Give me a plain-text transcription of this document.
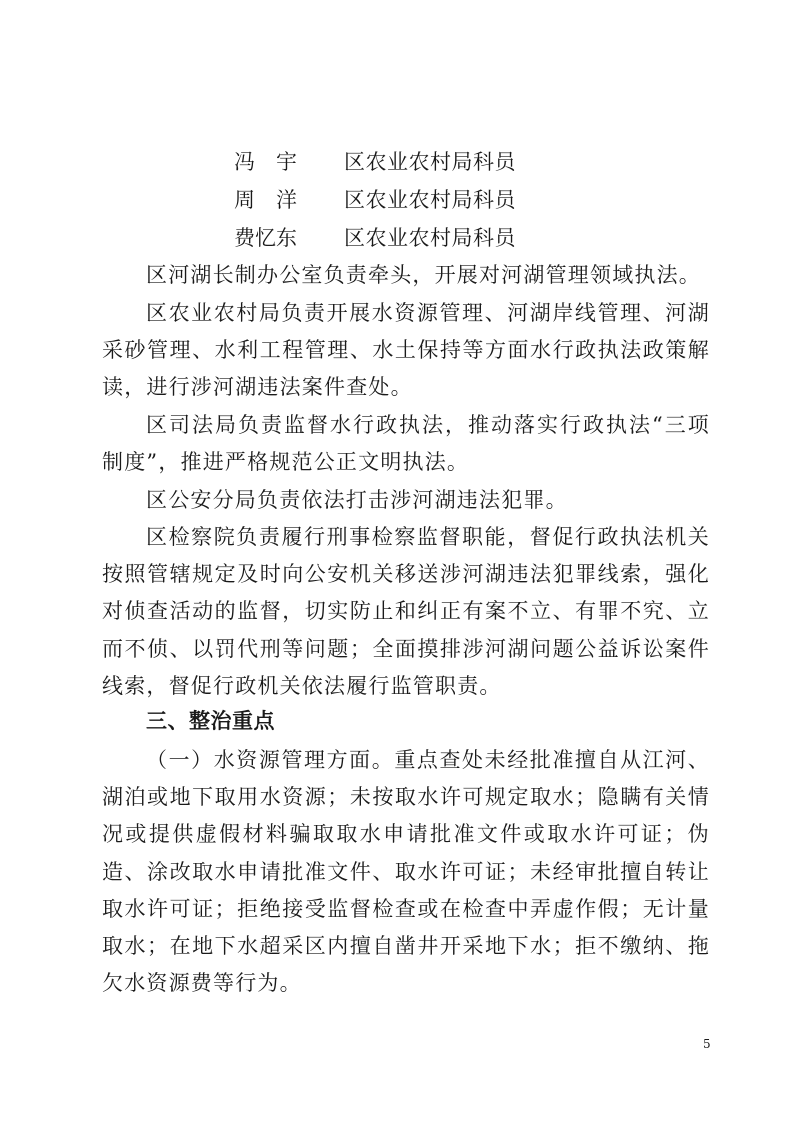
冯　宇 区农业农村局科员
周　洋 区农业农村局科员
费忆东 区农业农村局科员

区河湖长制办公室负责牵头，开展对河湖管理领域执法。

区农业农村局负责开展水资源管理、河湖岸线管理、河湖采砂管理、水利工程管理、水土保持等方面水行政执法政策解读，进行涉河湖违法案件查处。

区司法局负责监督水行政执法，推动落实行政执法“三项制度”，推进严格规范公正文明执法。

区公安分局负责依法打击涉河湖违法犯罪。

区检察院负责履行刑事检察监督职能，督促行政执法机关按照管辖规定及时向公安机关移送涉河湖违法犯罪线索，强化对侦查活动的监督，切实防止和纠正有案不立、有罪不究、立而不侦、以罚代刑等问题；全面摸排涉河湖问题公益诉讼案件线索，督促行政机关依法履行监管职责。

三、整治重点

（一）水资源管理方面。重点查处未经批准擅自从江河、湖泊或地下取用水资源；未按取水许可规定取水；隐瞒有关情况或提供虚假材料骗取取水申请批准文件或取水许可证；伪造、涂改取水申请批准文件、取水许可证；未经审批擅自转让取水许可证；拒绝接受监督检查或在检查中弄虚作假；无计量取水；在地下水超采区内擅自凿井开采地下水；拒不缴纳、拖欠水资源费等行为。

5
